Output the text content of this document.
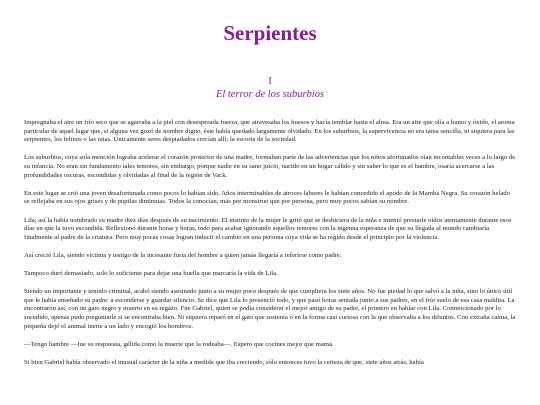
Serpientes
I
El terror de los suburbios

Impregnaba el aire un frío seco que se agarraba a la piel con desesperada fuerza, que atravesaba los huesos y hacía temblar hasta el alma. Era un aire que olía a humo y óxido, el aroma particular de aquel lugar que, si alguna vez gozó de nombre digno, éste había quedado largamente olvidado. En los suburbios, la supervivencia no era tarea sencilla, ni siquiera para las serpientes, los felinos o las ratas. Únicamente seres despiadados crecían allí; la escoria de la sociedad.

Los suburbios, cuya sola mención lograba acelerar el corazón protector de una madre, formaban parte de las advertencias que los niños afortunados oían incontables veces a lo largo de su infancia. No eran sin fundamento tales temores, sin embargo, porque nadie en su sano juicio, nacido en un hogar cálido y sin saber lo que es el hambre, osaría acercarse a las profundidades oscuras, escondidas y olvidadas al final de la región de Vack.

En este lugar se crió una joven desafortunada como pocos lo habían sido. Años interminables de atroces labores le habían concedido el apodo de la Mamba Negra. Su corazón helado se reflejaba en sus ojos grises y de pupilas diminutas. Todos la conocían, más por monstruo que por persona, pero muy pocos sabían su nombre.

Lila; así la había nombrado su madre diez días después de su nacimiento. El instinto de la mujer le gritó que se deshiciera de la niña e intentó prestarle oídos atentamente durante esos días en que la tuvo escondida. Reflexionó durante horas y horas, todo para acabar ignorando aquellos temores con la ingenua esperanza de que su llegada al mundo cambiaría finalmente al padre de la criatura. Pero muy pocas cosas logran inducir el cambio en una persona cuya vida se ha regido desde el principio por la violencia.

Así creció Lila, siendo víctima y testigo de la incesante furia del hombre a quien jamás llegaría a referirse como padre.

Tampoco duró demasiado, solo lo suficiente para dejar una huella que marcaría la vida de Lila.

Siendo un importante y temido criminal, acabó siendo asesinado junto a su mujer poco después de que cumpliera los siete años. No fue piedad lo que salvó a la niña, sino lo único útil que le había enseñado su padre: a esconderse y guardar silencio. Se dice que Lila lo presenció todo, y que pasó horas sentada junto a sus padres, en el frío suelo de esa casa maldita. La encontraron así, con un gato negro y muerto en su regazo. Fue Gabriel, quien se podía considerar el mejor amigo de su padre, el primero en hablar con Lila. Conmocionado por lo sucedido, apenas pudo preguntarle si se encontraba bien. Ni siquiera reparó en el gato que sostenía o en la forma casi curiosa con la que observaba a los difuntos. Con extraña calma, la pequeña dejó el animal inerte a un lado y encogió los hombros.

—Tengo hambre —fue su respuesta, gélida como la muerte que la rodeaba—. Espero que cocines mejor que mamá.

Si bien Gabriel había observado el inusual carácter de la niña a medida que iba creciendo, sólo entonces tuvo la certeza de que, siete años atrás, había
